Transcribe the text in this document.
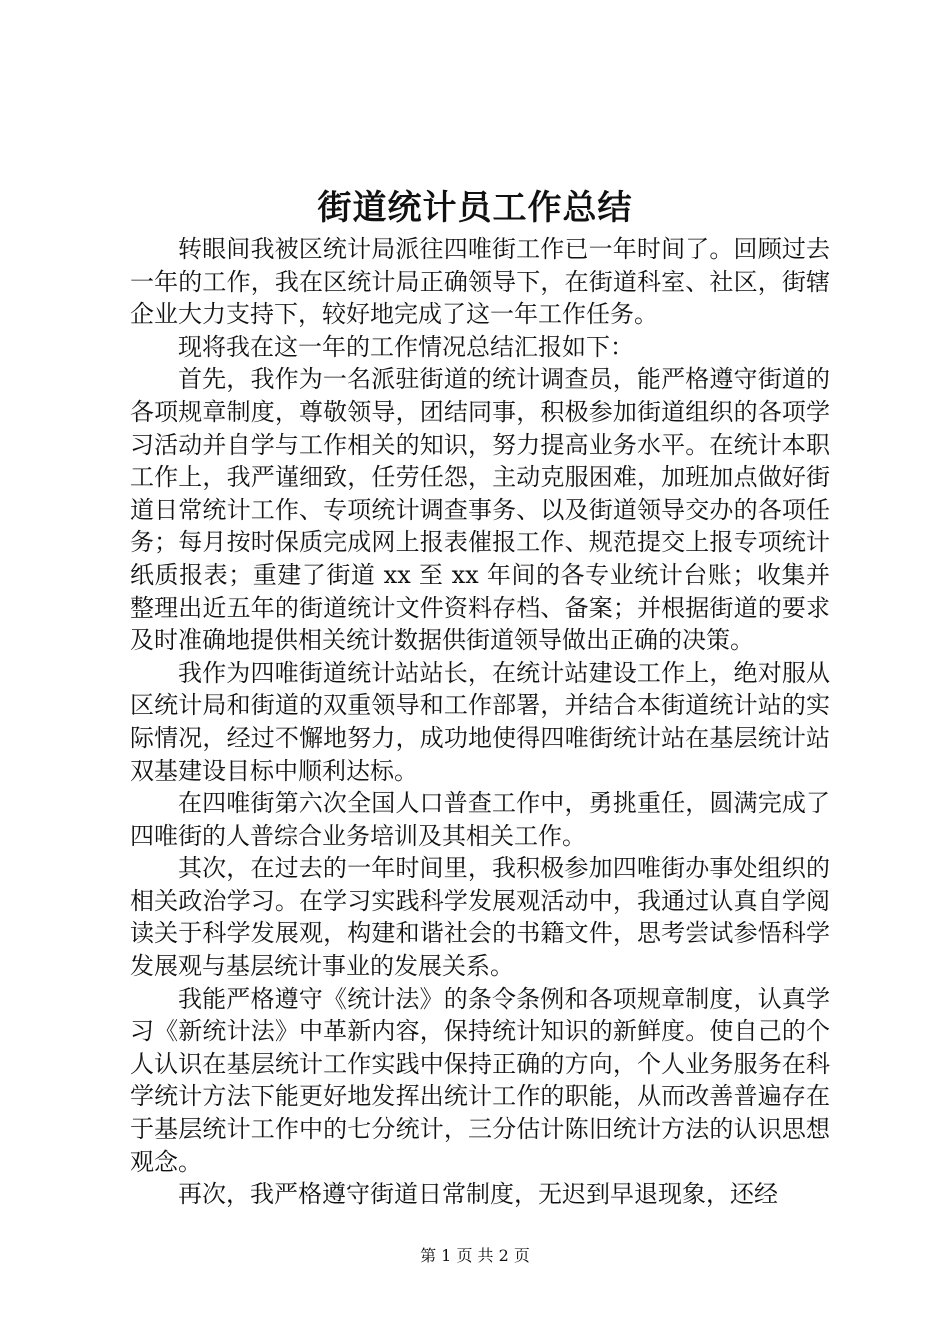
街道统计员工作总结

转眼间我被区统计局派往四唯街工作已一年时间了。回顾过去一年的工作，我在区统计局正确领导下，在街道科室、社区，街辖企业大力支持下，较好地完成了这一年工作任务。

现将我在这一年的工作情况总结汇报如下：

首先，我作为一名派驻街道的统计调查员，能严格遵守街道的各项规章制度，尊敬领导，团结同事，积极参加街道组织的各项学习活动并自学与工作相关的知识，努力提高业务水平。在统计本职工作上，我严谨细致，任劳任怨，主动克服困难，加班加点做好街道日常统计工作、专项统计调查事务、以及街道领导交办的各项任务；每月按时保质完成网上报表催报工作、规范提交上报专项统计纸质报表；重建了街道 xx 至 xx 年间的各专业统计台账；收集并整理出近五年的街道统计文件资料存档、备案；并根据街道的要求及时准确地提供相关统计数据供街道领导做出正确的决策。

我作为四唯街道统计站站长，在统计站建设工作上，绝对服从区统计局和街道的双重领导和工作部署，并结合本街道统计站的实际情况，经过不懈地努力，成功地使得四唯街统计站在基层统计站双基建设目标中顺利达标。

在四唯街第六次全国人口普查工作中，勇挑重任，圆满完成了四唯街的人普综合业务培训及其相关工作。

其次，在过去的一年时间里，我积极参加四唯街办事处组织的相关政治学习。在学习实践科学发展观活动中，我通过认真自学阅读关于科学发展观，构建和谐社会的书籍文件，思考尝试参悟科学发展观与基层统计事业的发展关系。

我能严格遵守《统计法》的条令条例和各项规章制度，认真学习《新统计法》中革新内容，保持统计知识的新鲜度。使自己的个人认识在基层统计工作实践中保持正确的方向，个人业务服务在科学统计方法下能更好地发挥出统计工作的职能，从而改善普遍存在于基层统计工作中的七分统计，三分估计陈旧统计方法的认识思想观念。

再次，我严格遵守街道日常制度，无迟到早退现象，还经

第 1 页 共 2 页
